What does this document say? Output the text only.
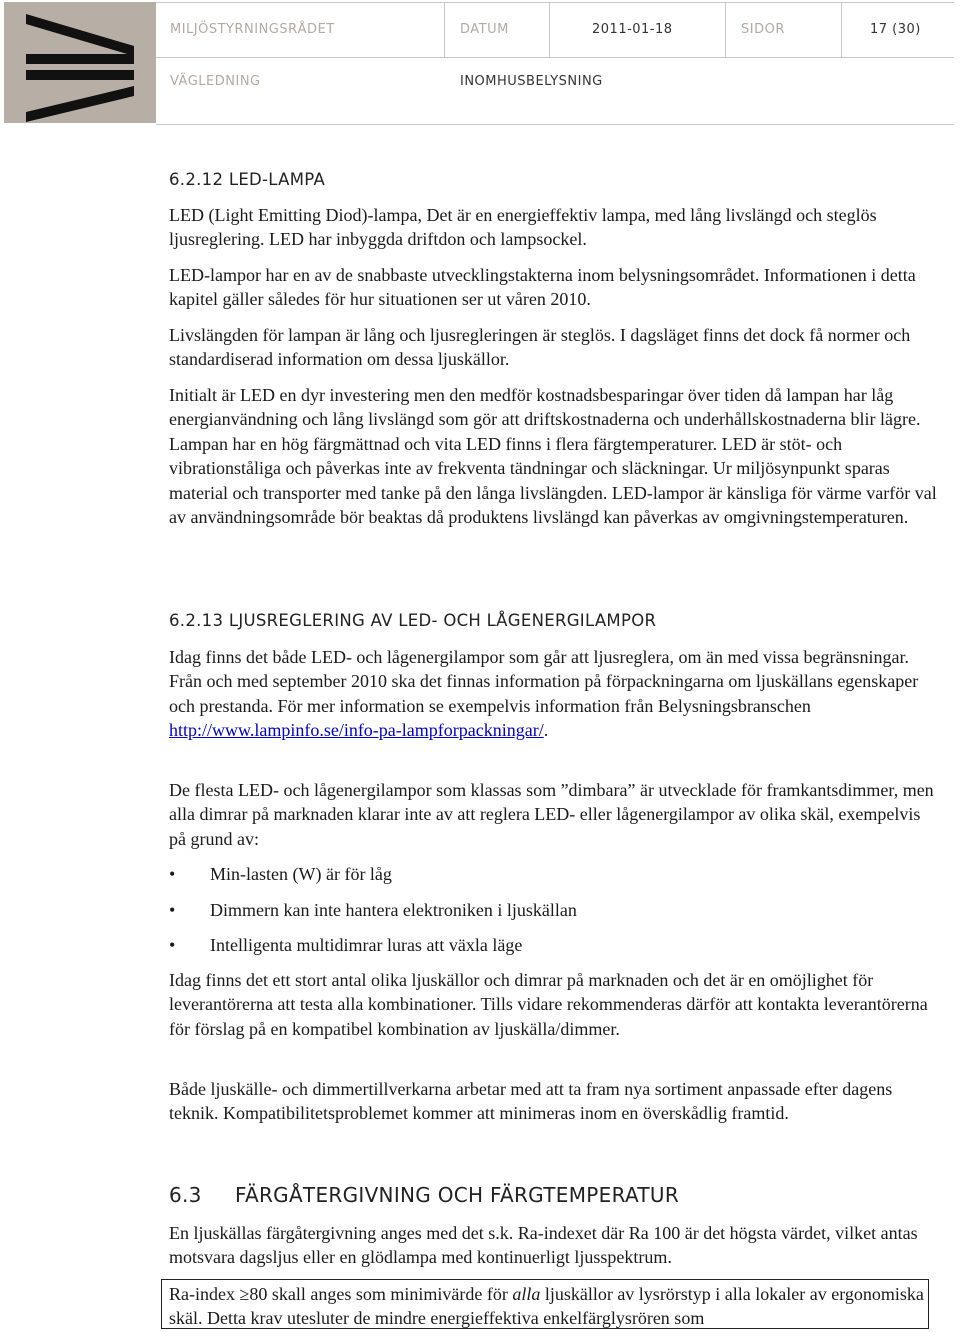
MILJÖSTYRNINGSRÅDET	DATUM	2011-01-18	SIDOR	17 (30)
VÄGLEDNING	INOMHUSBELYSNING
6.2.12 LED-LAMPA
LED (Light Emitting Diod)-lampa, Det är en energieffektiv lampa, med lång livslängd och steglös ljusreglering. LED har inbyggda driftdon och lampsockel.
LED-lampor har en av de snabbaste utvecklingstakterna inom belysningsområdet. Informationen i detta kapitel gäller således för hur situationen ser ut våren 2010.
Livslängden för lampan är lång och ljusregleringen är steglös. I dagsläget finns det dock få normer och standardiserad information om dessa ljuskällor.
Initialt är LED en dyr investering men den medför kostnadsbesparingar över tiden då lampan har låg energianvändning och lång livslängd som gör att driftskostnaderna och underhållskostnaderna blir lägre. Lampan har en hög färgmättnad och vita LED finns i flera färgtemperaturer. LED är stöt- och vibrationståliga och påverkas inte av frekventa tändningar och släckningar. Ur miljösynpunkt sparas material och transporter med tanke på den långa livslängden. LED-lampor är känsliga för värme varför val av användningsområde bör beaktas då produktens livslängd kan påverkas av omgivningstemperaturen.
6.2.13 LJUSREGLERING AV LED- OCH LÅGENERGILAMPOR
Idag finns det både LED- och lågenergilampor som går att ljusreglera, om än med vissa begränsningar. Från och med september 2010 ska det finnas information på förpackningarna om ljuskällans egenskaper och prestanda. För mer information se exempelvis information från Belysningsbranschen http://www.lampinfo.se/info-pa-lampforpackningar/.
De flesta LED- och lågenergilampor som klassas som ”dimbara” är utvecklade för framkantsdimmer, men alla dimrar på marknaden klarar inte av att reglera LED- eller lågenergilampor av olika skäl, exempelvis på grund av:
• Min-lasten (W) är för låg
• Dimmern kan inte hantera elektroniken i ljuskällan
• Intelligenta multidimrar luras att växla läge
Idag finns det ett stort antal olika ljuskällor och dimrar på marknaden och det är en omöjlighet för leverantörerna att testa alla kombinationer. Tills vidare rekommenderas därför att kontakta leverantörerna för förslag på en kompatibel kombination av ljuskälla/dimmer.
Både ljuskälle- och dimmertillverkarna arbetar med att ta fram nya sortiment anpassade efter dagens teknik. Kompatibilitetsproblemet kommer att minimeras inom en överskådlig framtid.
6.3 FÄRGÅTERGIVNING OCH FÄRGTEMPERATUR
En ljuskällas färgåtergivning anges med det s.k. Ra-indexet där Ra 100 är det högsta värdet, vilket antas motsvara dagsljus eller en glödlampa med kontinuerligt ljusspektrum.
Ra-index ≥80 skall anges som minimivärde för alla ljuskällor av lysrörstyp i alla lokaler av ergonomiska skäl. Detta krav utesluter de mindre energieffektiva enkelfärglysrören som
